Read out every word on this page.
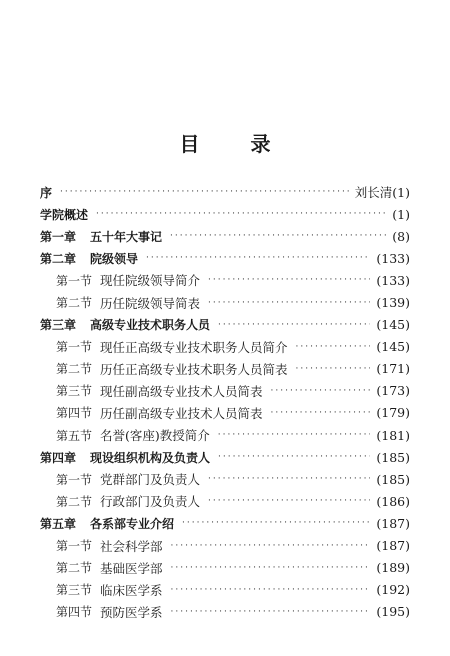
目 录
序 ·····	刘长清 (1)
学院概述 ·····	(1)
第一章	五十年大事记 ·····	(8)
第二章	院级领导 ·····	(133)
第一节 现任院级领导简介 ·····	(133)
第二节 历任院级领导简表 ·····	(139)
第三章	高级专业技术职务人员 ·····	(145)
第一节 现任正高级专业技术职务人员简介 ·····	(145)
第二节 历任正高级专业技术职务人员简表 ·····	(171)
第三节 现任副高级专业技术人员简表 ·····	(173)
第四节 历任副高级专业技术人员简表 ·····	(179)
第五节 名誉(客座)教授简介 ·····	(181)
第四章	现设组织机构及负责人 ·····	(185)
第一节 党群部门及负责人 ·····	(185)
第二节 行政部门及负责人 ·····	(186)
第五章	各系部专业介绍 ·····	(187)
第一节 社会科学部 ·····	(187)
第二节 基础医学部 ·····	(189)
第三节 临床医学系 ·····	(192)
第四节 预防医学系 ·····	(195)
